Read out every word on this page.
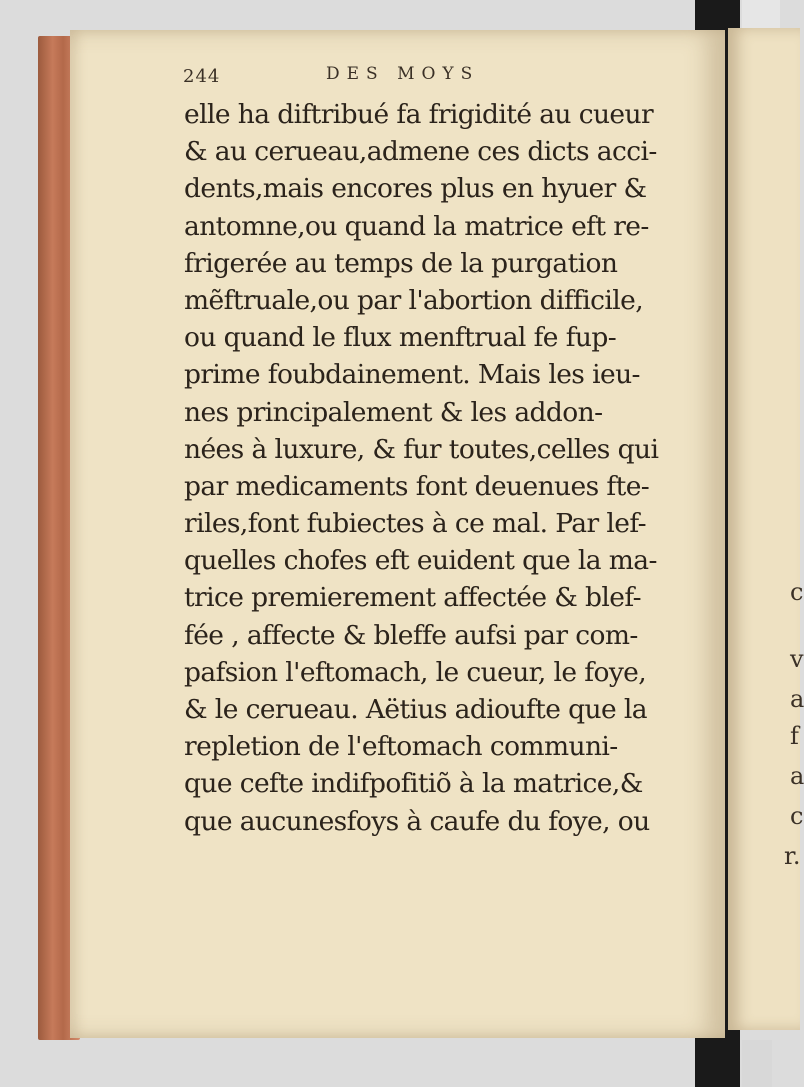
244	DES MOYS
elle ha diftribué fa frigidité au cueur
& au cerueau,admene ces dicts acci-
dents,mais encores plus en hyuer &
antomne,ou quand la matrice eft re-
frigerée au temps de la purgation
mẽftruale,ou par l'abortion difficile,
ou quand le flux menftrual fe fup-
prime foubdainement. Mais les ieu-
nes principalement & les addon-
nées à luxure, & fur toutes,celles qui
par medicaments font deuenues fte-
riles,font fubiectes à ce mal. Par lef-
quelles chofes eft euident que la ma-
trice premierement affectée & blef-
fée , affecte & bleffe aufsi par com-
pafsion l'eftomach, le cueur, le foye,
& le cerueau. Aëtius adioufte que la
repletion de l'eftomach communi-
que cefte indifpofitiõ à la matrice,&
que aucunesfoys à caufe du foye, ou
c
v
a
f
a
c
r.
